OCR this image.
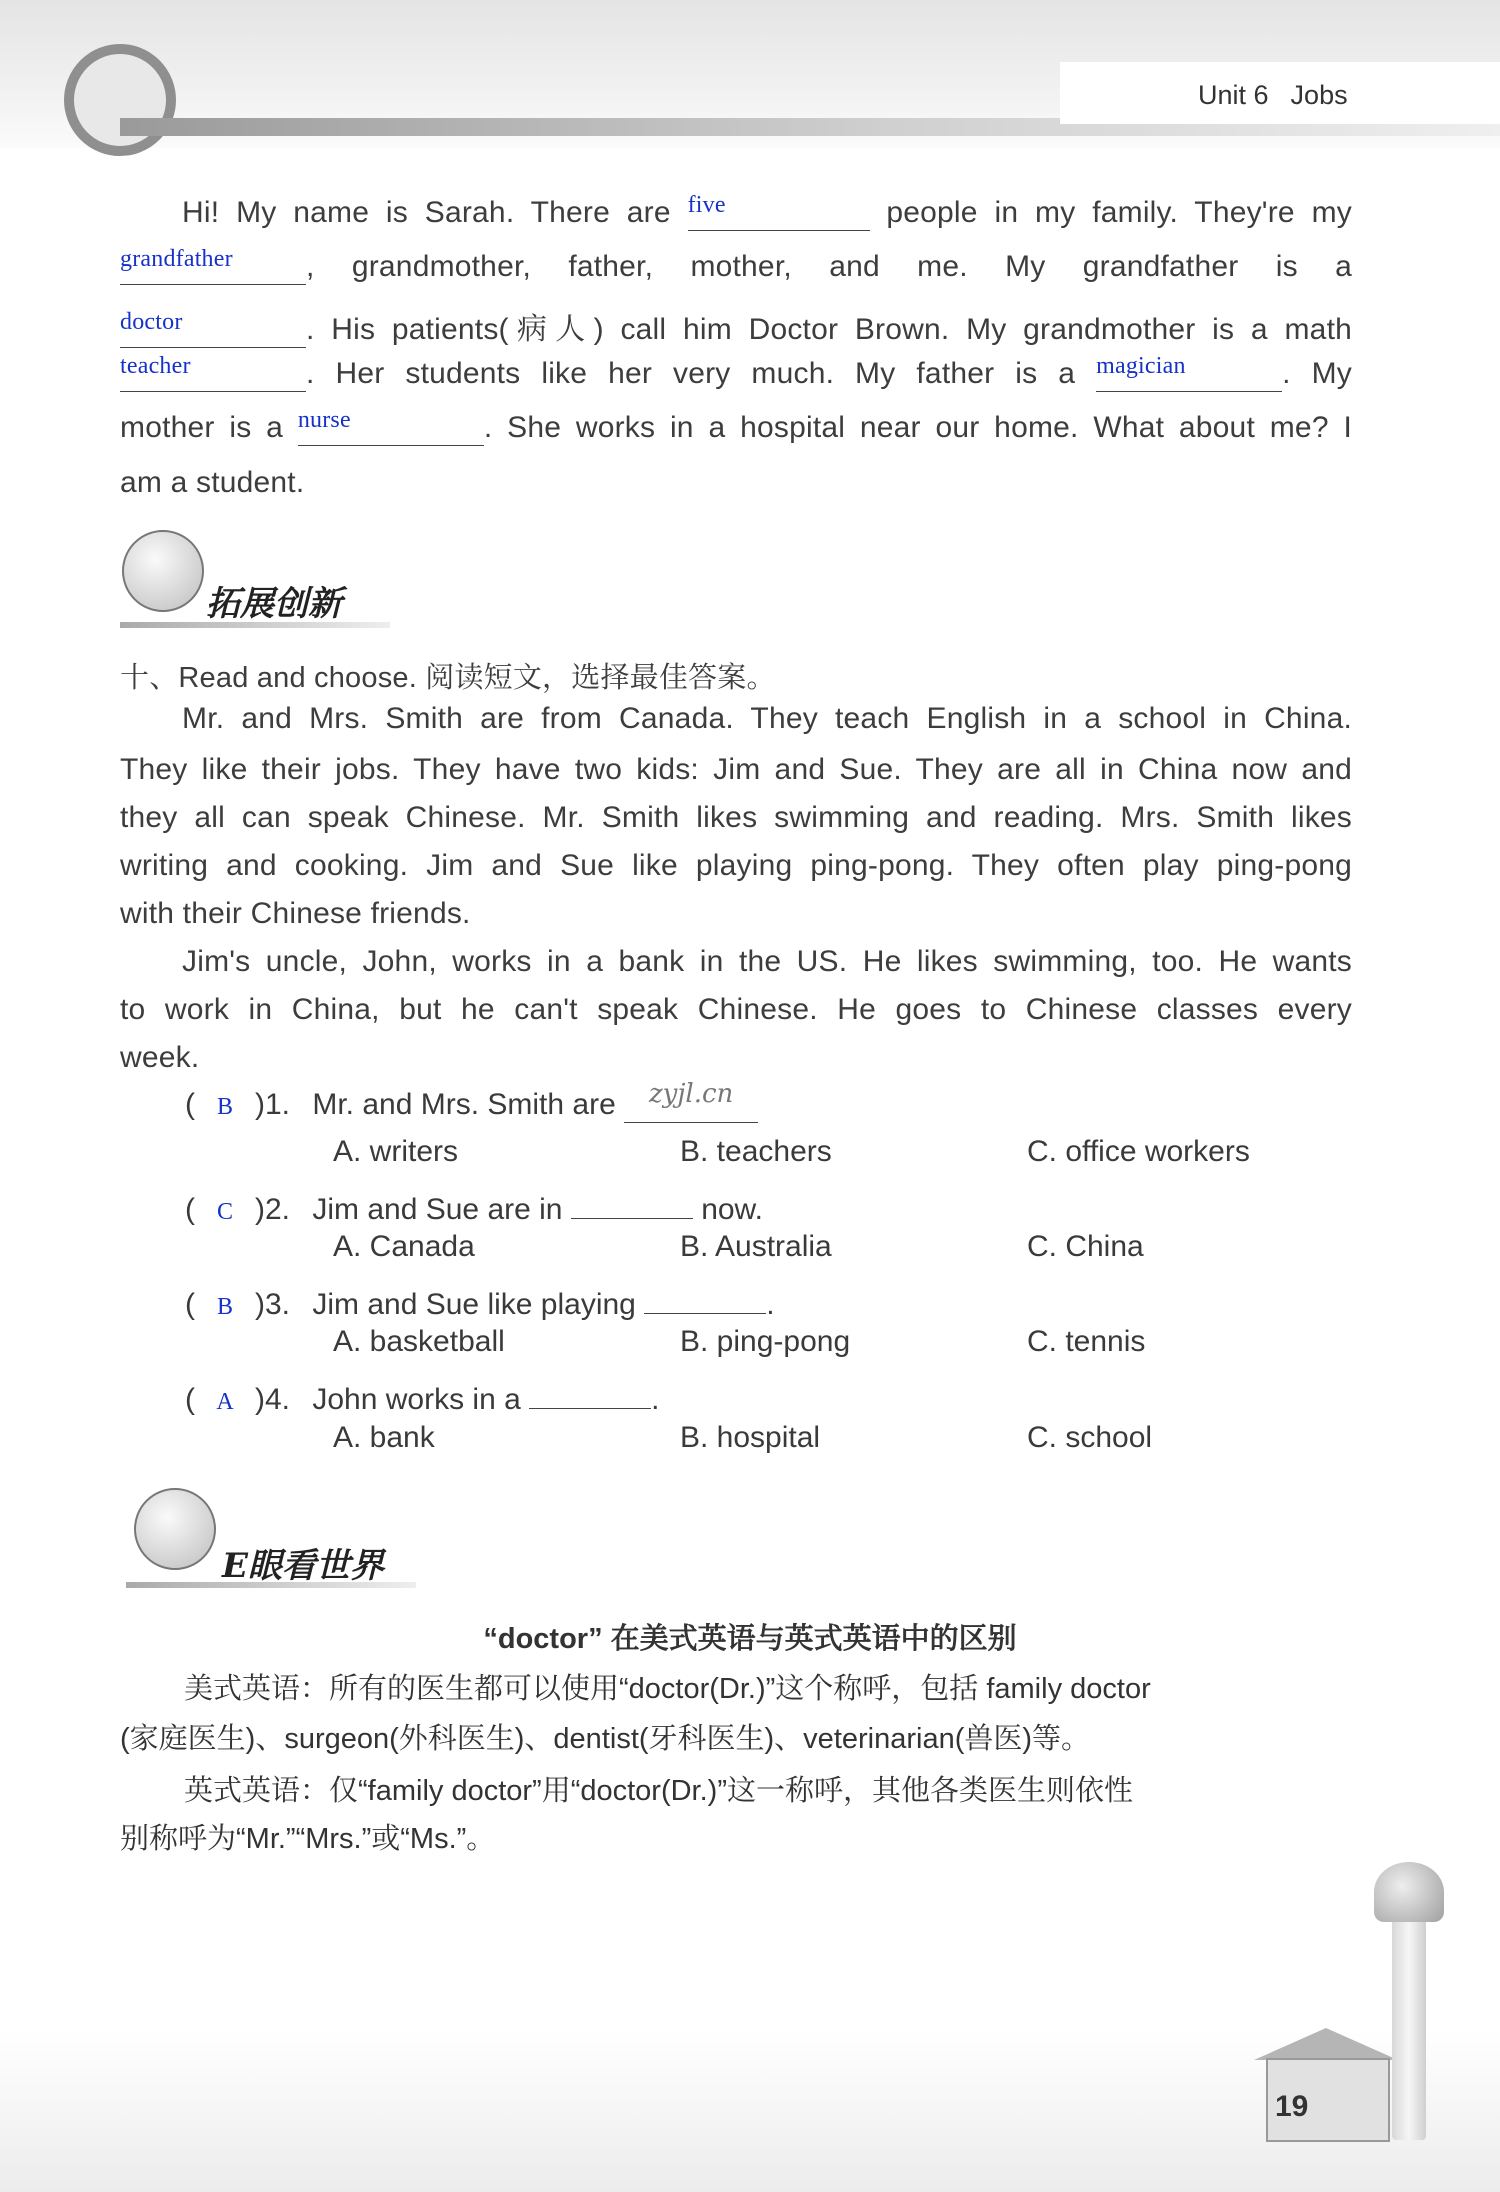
Unit 6 Jobs
Hi! My name is Sarah. There are $^{five}$	people in my family. They're my
$^{grandfather}$ , grandmother, father, mother, and me. My grandfather is a
$^{doctor}$	. His patients(病人) call him Doctor Brown. My grandmother is a math
$^{teacher}$	. Her students like her very much. My father is a $^{magician}$	. My
mother is a $^{nurse}$	. She works in a hospital near our home. What about me? I
am a student.
拓展创新
十、Read and choose. 阅读短文，选择最佳答案。
Mr. and Mrs. Smith are from Canada. They teach English in a school in China.
They like their jobs. They have two kids: Jim and Sue. They are all in China now and
they all can speak Chinese. Mr. Smith likes swimming and reading. Mrs. Smith likes
writing and cooking. Jim and Sue like playing ping-pong. They often play ping-pong
with their Chinese friends.
Jim's uncle, John, works in a bank in the US. He likes swimming, too. He wants
to work in China, but he can't speak Chinese. He goes to Chinese classes every
week.
( B )1. Mr. and Mrs. Smith are zyjl.cn
A. writers	B. teachers	C. office workers
( C )2. Jim and Sue are in	now.
A. Canada	B. Australia	C. China
( B )3. Jim and Sue like playing	.
A. basketball	B. ping-pong	C. tennis
( A )4. John works in a	.
A. bank	B. hospital	C. school
E眼看世界
“doctor” 在美式英语与英式英语中的区别
美式英语：所有的医生都可以使用“doctor(Dr.)”这个称呼，包括 family doctor
(家庭医生)、surgeon(外科医生)、dentist(牙科医生)、veterinarian(兽医)等。
英式英语：仅“family doctor”用“doctor(Dr.)”这一称呼，其他各类医生则依性
别称呼为“Mr.”“Mrs.”或“Ms.”。
19
